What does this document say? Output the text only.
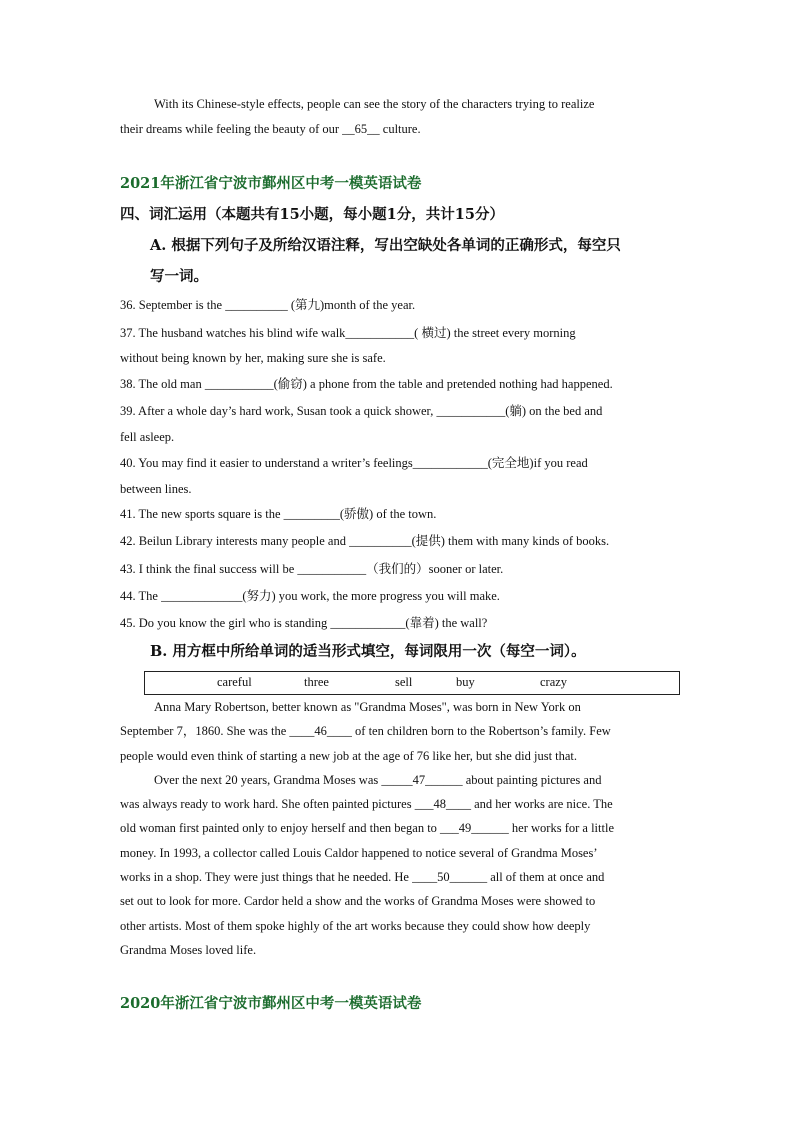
With its Chinese-style effects, people can see the story of the characters trying to realize
their dreams while feeling the beauty of our __65__ culture.
2021年浙江省宁波市鄞州区中考一模英语试卷
四、词汇运用（本题共有15小题，每小题1分，共计15分）
A. 根据下列句子及所给汉语注释，写出空缺处各单词的正确形式，每空只
写一词。
36. September is the __________ (第九)month of the year.
37. The husband watches his blind wife walk___________( 横过) the street every morning
without being known by her, making sure she is safe.
38. The old man ___________(偷窃) a phone from the table and pretended nothing had happened.
39. After a whole day’s hard work, Susan took a quick shower, ___________(躺) on the bed and
fell asleep.
40. You may find it easier to understand a writer’s feelings____________(完全地)if you read
between lines.
41. The new sports square is the _________(骄傲) of the town.
42. Beilun Library interests many people and __________(提供) them with many kinds of books.
43. I think the final success will be ___________（我们的）sooner or later.
44. The _____________(努力) you work, the more progress you will make.
45. Do you know the girl who is standing ____________(靠着) the wall?
B. 用方框中所给单词的适当形式填空，每词限用一次（每空一词）。
careful	three	sell	buy	crazy
Anna Mary Robertson, better known as "Grandma Moses", was born in New York on
September 7，1860. She was the ____46____ of ten children born to the Robertson’s family. Few
people would even think of starting a new job at the age of 76 like her, but she did just that.
Over the next 20 years, Grandma Moses was _____47______ about painting pictures and
was always ready to work hard. She often painted pictures ___48____ and her works are nice. The
old woman first painted only to enjoy herself and then began to ___49______ her works for a little
money. In 1993, a collector called Louis Caldor happened to notice several of Grandma Moses’
works in a shop. They were just things that he needed. He ____50______ all of them at once and
set out to look for more. Cardor held a show and the works of Grandma Moses were showed to
other artists. Most of them spoke highly of the art works because they could show how deeply
Grandma Moses loved life.
2020年浙江省宁波市鄞州区中考一模英语试卷
